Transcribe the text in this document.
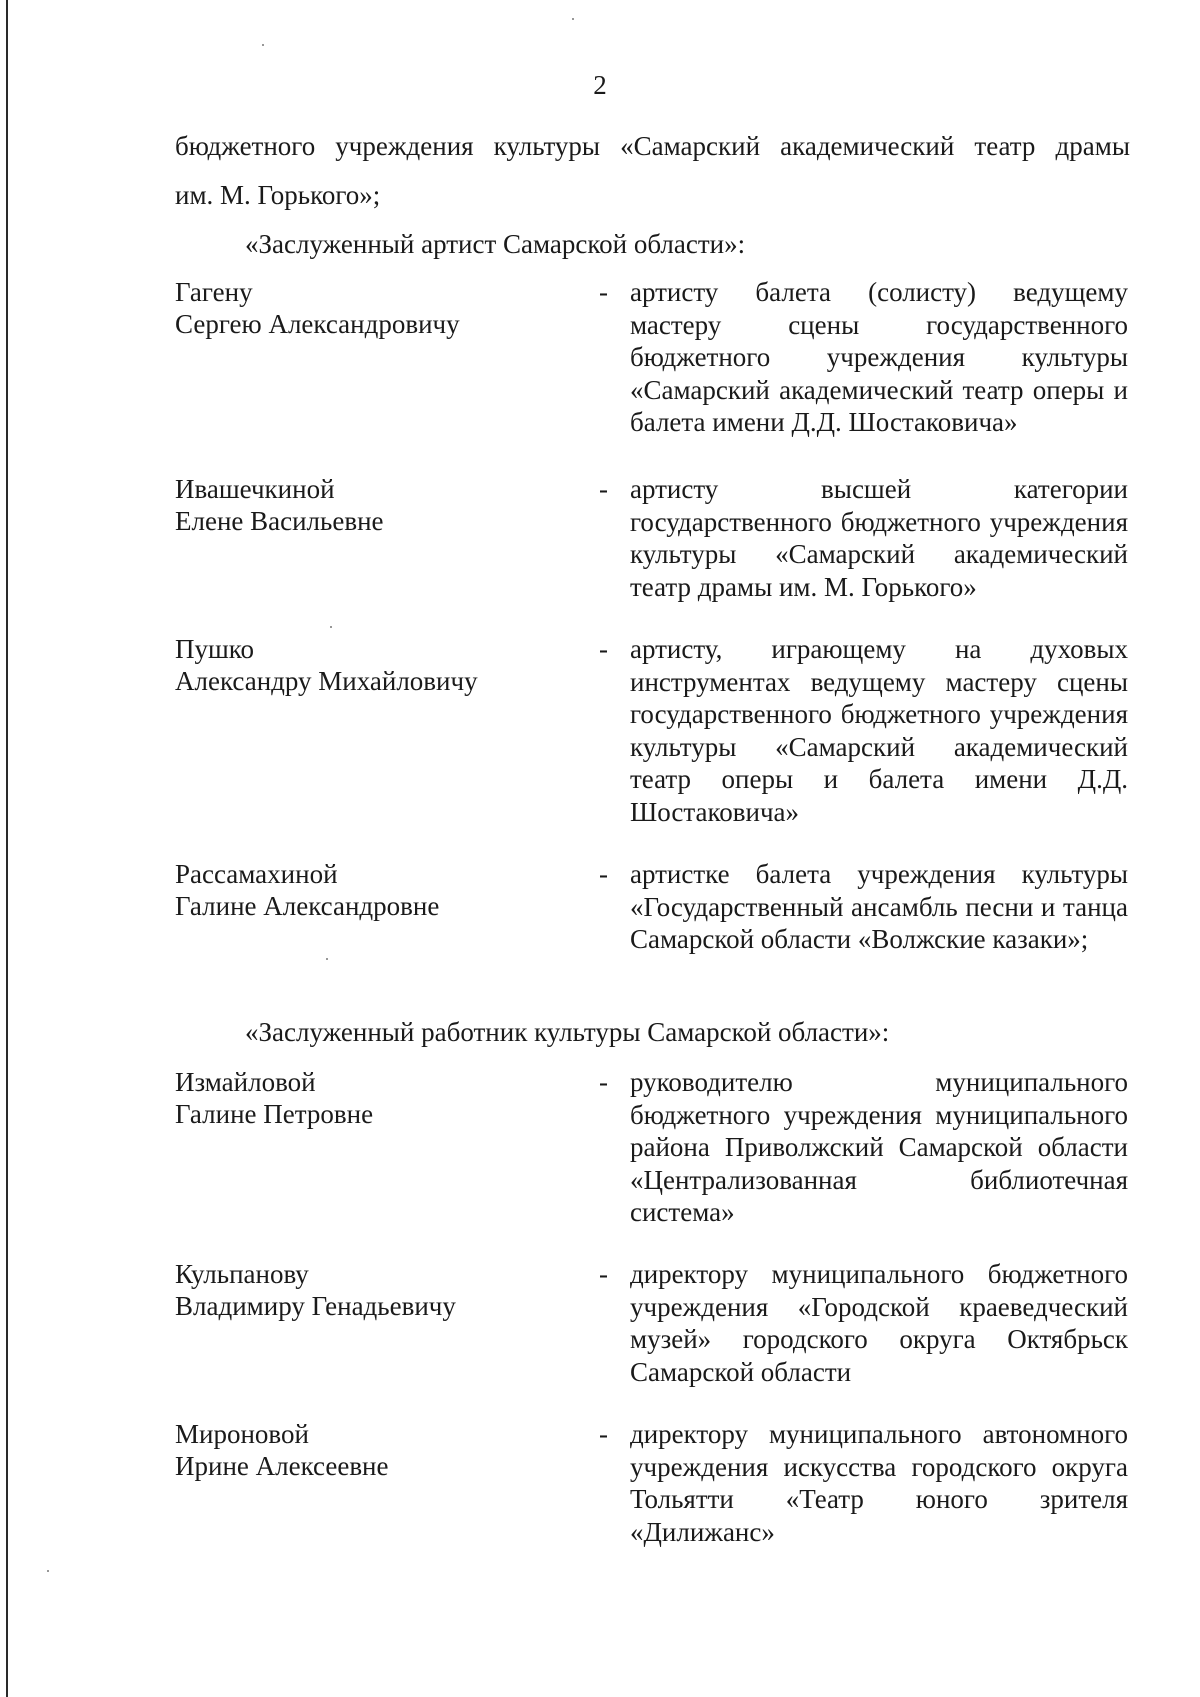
2
бюджетного учреждения культуры «Самарский академический театр драмы
им. М. Горького»;
«Заслуженный артист Самарской области»:
Гагену
Сергею Александровичу
- артисту балета (солисту) ведущему мастеру сцены государственного бюджетного учреждения культуры «Самарский академический театр оперы и балета имени Д.Д. Шостаковича»
Ивашечкиной
Елене Васильевне
- артисту высшей категории государственного бюджетного учреждения культуры «Самарский академический театр драмы им. М. Горького»
Пушко
Александру Михайловичу
- артисту, играющему на духовых инструментах ведущему мастеру сцены государственного бюджетного учреждения культуры «Самарский академический театр оперы и балета имени Д.Д. Шостаковича»
Рассамахиной
Галине Александровне
- артистке балета учреждения культуры «Государственный ансамбль песни и танца Самарской области «Волжские казаки»;
«Заслуженный работник культуры Самарской области»:
Измайловой
Галине Петровне
- руководителю муниципального бюджетного учреждения муниципального района Приволжский Самарской области «Централизованная библиотечная система»
Кульпанову
Владимиру Генадьевичу
- директору муниципального бюджетного учреждения «Городской краеведческий музей» городского округа Октябрьск Самарской области
Мироновой
Ирине Алексеевне
- директору муниципального автономного учреждения искусства городского округа Тольятти «Театр юного зрителя «Дилижанс»
